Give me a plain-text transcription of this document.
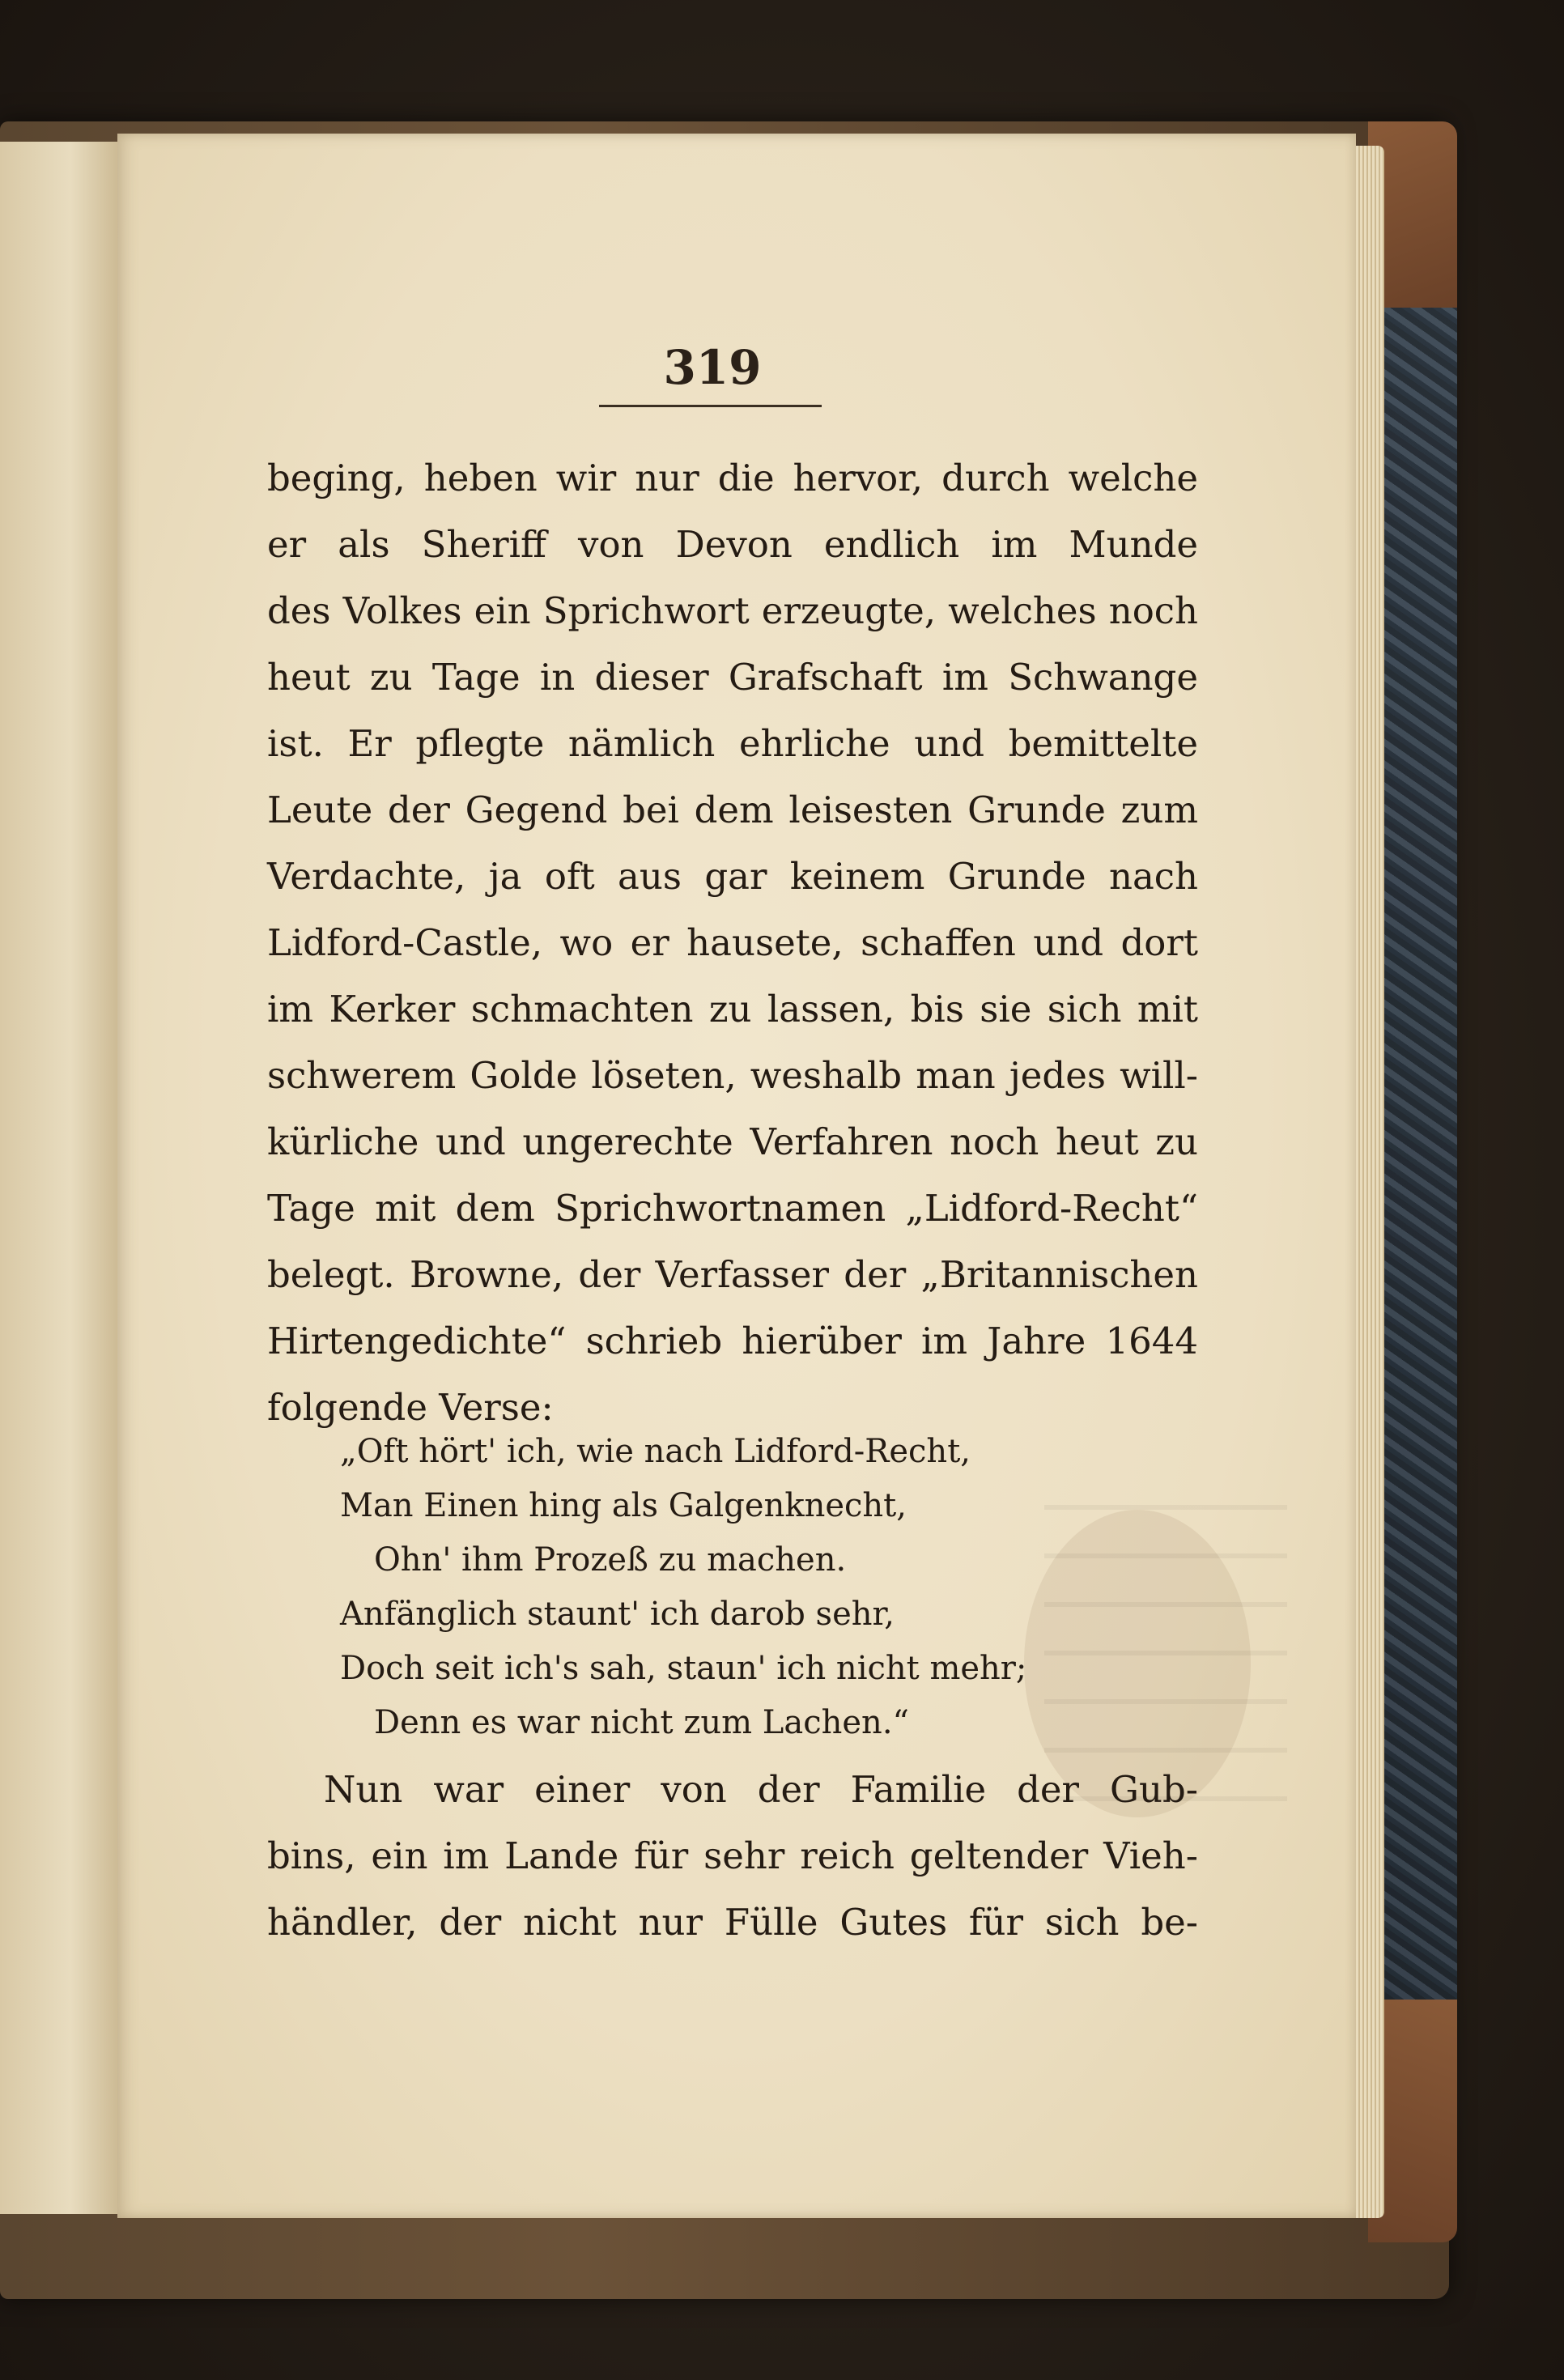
319
beging, heben wir nur die hervor, durch welche
er als Sheriff von Devon endlich im Munde
des Volkes ein Sprichwort erzeugte, welches noch
heut zu Tage in dieser Grafschaft im Schwange
ist. Er pflegte nämlich ehrliche und bemittelte
Leute der Gegend bei dem leisesten Grunde zum
Verdachte, ja oft aus gar keinem Grunde nach
Lidford-Castle, wo er hausete, schaffen und dort
im Kerker schmachten zu lassen, bis sie sich mit
schwerem Golde löseten, weshalb man jedes will-
kürliche und ungerechte Verfahren noch heut zu
Tage mit dem Sprichwortnamen „Lidford-Recht“
belegt. Browne, der Verfasser der „Britannischen
Hirtengedichte“ schrieb hierüber im Jahre 1644
folgende Verse:
„Oft hört' ich, wie nach Lidford-Recht,
Man Einen hing als Galgenknecht,
Ohn' ihm Prozeß zu machen.
Anfänglich staunt' ich darob sehr,
Doch seit ich's sah, staun' ich nicht mehr;
Denn es war nicht zum Lachen.“
Nun war einer von der Familie der Gub-
bins, ein im Lande für sehr reich geltender Vieh-
händler, der nicht nur Fülle Gutes für sich be-
